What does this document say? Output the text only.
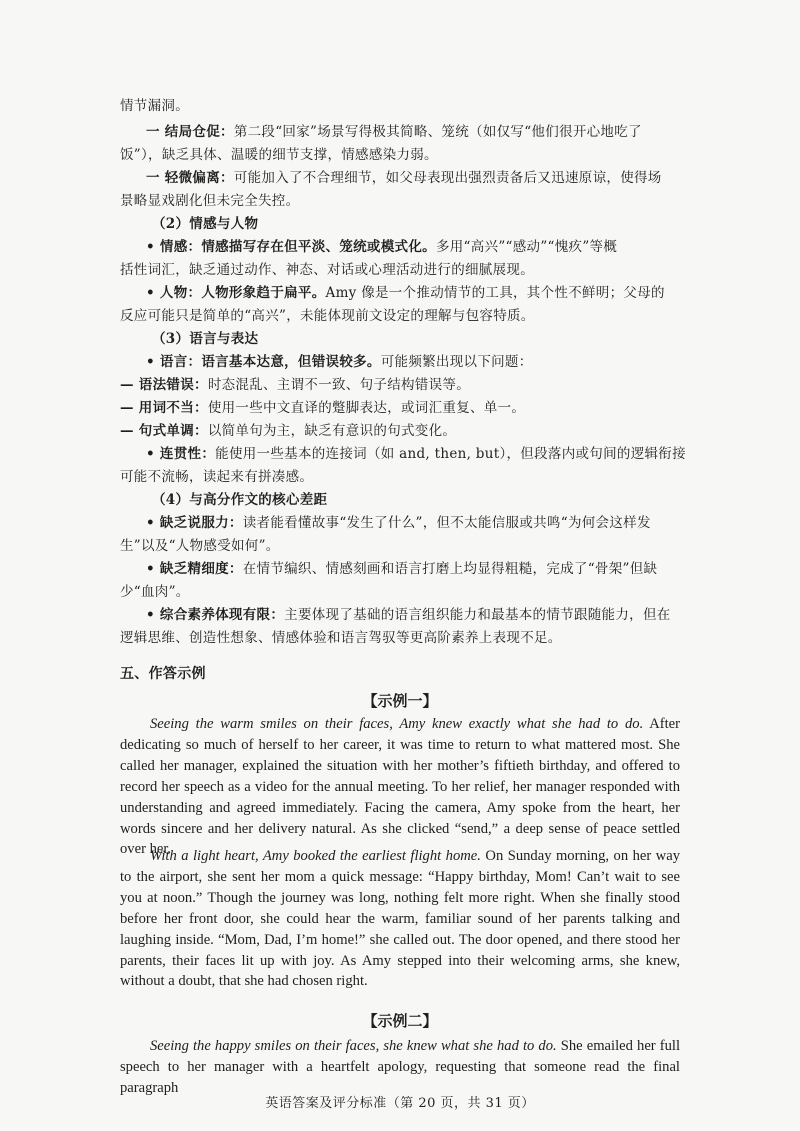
情节漏洞。
一 结局仓促：第二段“回家”场景写得极其简略、笼统（如仅写“他们很开心地吃了
饭”），缺乏具体、温暖的细节支撑，情感感染力弱。
一 轻微偏离：可能加入了不合理细节，如父母表现出强烈责备后又迅速原谅，使得场
景略显戏剧化但未完全失控。
（2）情感与人物
• 情感：情感描写存在但平淡、笼统或模式化。多用“高兴”“感动”“愧疚”等概
括性词汇，缺乏通过动作、神态、对话或心理活动进行的细腻展现。
• 人物：人物形象趋于扁平。Amy 像是一个推动情节的工具，其个性不鲜明；父母的
反应可能只是简单的“高兴”，未能体现前文设定的理解与包容特质。
（3）语言与表达
• 语言：语言基本达意，但错误较多。可能频繁出现以下问题：
— 语法错误：时态混乱、主谓不一致、句子结构错误等。
— 用词不当：使用一些中文直译的蹩脚表达，或词汇重复、单一。
— 句式单调：以简单句为主，缺乏有意识的句式变化。
• 连贯性：能使用一些基本的连接词（如 and, then, but），但段落内或句间的逻辑衔接
可能不流畅，读起来有拼凑感。
（4）与高分作文的核心差距
• 缺乏说服力：读者能看懂故事“发生了什么”，但不太能信服或共鸣“为何会这样发
生”以及“人物感受如何”。
• 缺乏精细度：在情节编织、情感刻画和语言打磨上均显得粗糙，完成了“骨架”但缺
少“血肉”。
• 综合素养体现有限：主要体现了基础的语言组织能力和最基本的情节跟随能力，但在
逻辑思维、创造性想象、情感体验和语言驾驭等更高阶素养上表现不足。
五、作答示例
【示例一】
Seeing the warm smiles on their faces, Amy knew exactly what she had to do. After dedicating so much of herself to her career, it was time to return to what mattered most. She called her manager, explained the situation with her mother’s fiftieth birthday, and offered to record her speech as a video for the annual meeting. To her relief, her manager responded with understanding and agreed immediately. Facing the camera, Amy spoke from the heart, her words sincere and her delivery natural. As she clicked “send,” a deep sense of peace settled over her.
With a light heart, Amy booked the earliest flight home. On Sunday morning, on her way to the airport, she sent her mom a quick message: “Happy birthday, Mom! Can’t wait to see you at noon.” Though the journey was long, nothing felt more right. When she finally stood before her front door, she could hear the warm, familiar sound of her parents talking and laughing inside. “Mom, Dad, I’m home!” she called out. The door opened, and there stood her parents, their faces lit up with joy. As Amy stepped into their welcoming arms, she knew, without a doubt, that she had chosen right.
【示例二】
Seeing the happy smiles on their faces, she knew what she had to do. She emailed her full speech to her manager with a heartfelt apology, requesting that someone read the final paragraph
英语答案及评分标准（第 20 页，共 31 页）
